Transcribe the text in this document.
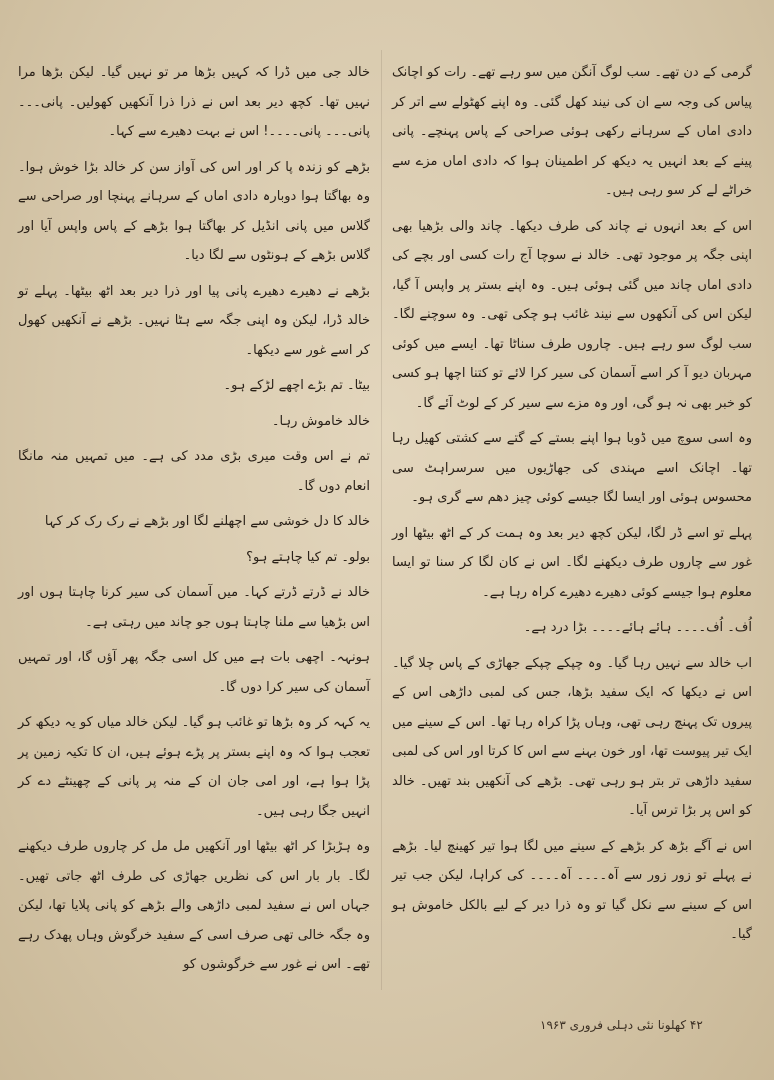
گرمی کے دن تھے۔ سب لوگ آنگن میں سو رہے تھے۔ رات کو اچانک پیاس کی وجہ سے ان کی نیند کھل گئی۔ وہ اپنے کھٹولے سے اتر کر دادی اماں کے سرہانے رکھی ہوئی صراحی کے پاس پہنچے۔ پانی پینے کے بعد انہیں یہ دیکھ کر اطمینان ہوا کہ دادی اماں مزے سے خراٹے لے کر سو رہی ہیں۔

اس کے بعد انہوں نے چاند کی طرف دیکھا۔ چاند والی بڑھیا بھی اپنی جگہ پر موجود تھی۔ خالد نے سوچا آج رات کسی اور بچے کی دادی اماں چاند میں گئی ہوئی ہیں۔ وہ اپنے بستر پر واپس آ گیا، لیکن اس کی آنکھوں سے نیند غائب ہو چکی تھی۔ وہ سوچنے لگا۔ سب لوگ سو رہے ہیں۔ چاروں طرف سناٹا تھا۔ ایسے میں کوئی مہربان دیو آ کر اسے آسمان کی سیر کرا لائے تو کتنا اچھا ہو کسی کو خبر بھی نہ ہو گی، اور وہ مزے سے سیر کر کے لوٹ آئے گا۔

وہ اسی سوچ میں ڈوبا ہوا اپنے بستے کے گتے سے کشتی کھیل رہا تھا۔ اچانک اسے مہندی کی جھاڑیوں میں سرسراہٹ سی محسوس ہوئی اور ایسا لگا جیسے کوئی چیز دھم سے گری ہو۔

پہلے تو اسے ڈر لگا، لیکن کچھ دیر بعد وہ ہمت کر کے اٹھ بیٹھا اور غور سے چاروں طرف دیکھنے لگا۔ اس نے کان لگا کر سنا تو ایسا معلوم ہوا جیسے کوئی دھیرے دھیرے کراہ رہا ہے۔

اُف۔ اُف۔۔۔۔ ہائے ہائے۔۔۔۔ بڑا درد ہے۔

اب خالد سے نہیں رہا گیا۔ وہ چپکے چپکے جھاڑی کے پاس چلا گیا۔ اس نے دیکھا کہ ایک سفید بڑھا، جس کی لمبی داڑھی اس کے پیروں تک پہنچ رہی تھی، وہاں پڑا کراہ رہا تھا۔ اس کے سینے میں ایک تیر پیوست تھا، اور خون بہنے سے اس کا کرتا اور اس کی لمبی سفید داڑھی تر بتر ہو رہی تھی۔ بڑھے کی آنکھیں بند تھیں۔ خالد کو اس پر بڑا ترس آیا۔

اس نے آگے بڑھ کر بڑھے کے سینے میں لگا ہوا تیر کھینچ لیا۔ بڑھے نے پہلے تو زور زور سے آہ۔۔۔۔ آہ۔۔۔۔ کی کراہا، لیکن جب تیر اس کے سینے سے نکل گیا تو وہ ذرا دیر کے لیے بالکل خاموش ہو گیا۔

خالد جی میں ڈرا کہ کہیں بڑھا مر تو نہیں گیا۔ لیکن بڑھا مرا نہیں تھا۔ کچھ دیر بعد اس نے ذرا ذرا آنکھیں کھولیں۔ پانی۔۔۔ پانی۔۔۔ پانی۔۔۔۔! اس نے بہت دھیرے سے کہا۔

بڑھے کو زندہ پا کر اور اس کی آواز سن کر خالد بڑا خوش ہوا۔ وہ بھاگتا ہوا دوبارہ دادی اماں کے سرہانے پہنچا اور صراحی سے گلاس میں پانی انڈیل کر بھاگتا ہوا بڑھے کے پاس واپس آیا اور گلاس بڑھے کے ہونٹوں سے لگا دیا۔

بڑھے نے دھیرے دھیرے پانی پیا اور ذرا دیر بعد اٹھ بیٹھا۔ پہلے تو خالد ڈرا، لیکن وہ اپنی جگہ سے ہٹا نہیں۔ بڑھے نے آنکھیں کھول کر اسے غور سے دیکھا۔

بیٹا۔ تم بڑے اچھے لڑکے ہو۔

خالد خاموش رہا۔

تم نے اس وقت میری بڑی مدد کی ہے۔ میں تمہیں منہ مانگا انعام دوں گا۔

خالد کا دل خوشی سے اچھلنے لگا اور بڑھے نے رک رک کر کہا

بولو۔ تم کیا چاہتے ہو؟

خالد نے ڈرتے ڈرتے کہا۔ میں آسمان کی سیر کرنا چاہتا ہوں اور اس بڑھیا سے ملنا چاہتا ہوں جو چاند میں رہتی ہے۔

ہونہہ۔ اچھی بات ہے میں کل اسی جگہ پھر آؤں گا، اور تمہیں آسمان کی سیر کرا دوں گا۔

یہ کہہ کر وہ بڑھا تو غائب ہو گیا۔ لیکن خالد میاں کو یہ دیکھ کر تعجب ہوا کہ وہ اپنے بستر پر پڑے ہوئے ہیں، ان کا تکیہ زمین پر پڑا ہوا ہے، اور امی جان ان کے منہ پر پانی کے چھینٹے دے کر انہیں جگا رہی ہیں۔

وہ ہڑبڑا کر اٹھ بیٹھا اور آنکھیں مل مل کر چاروں طرف دیکھنے لگا۔ بار بار اس کی نظریں جھاڑی کی طرف اٹھ جاتی تھیں۔ جہاں اس نے سفید لمبی داڑھی والے بڑھے کو پانی پلایا تھا، لیکن وہ جگہ خالی تھی صرف اسی کے سفید خرگوش وہاں پھدک رہے تھے۔ اس نے غور سے خرگوشوں کو

۴۲ کھلونا نئی دہلی فروری ۱۹۶۳
